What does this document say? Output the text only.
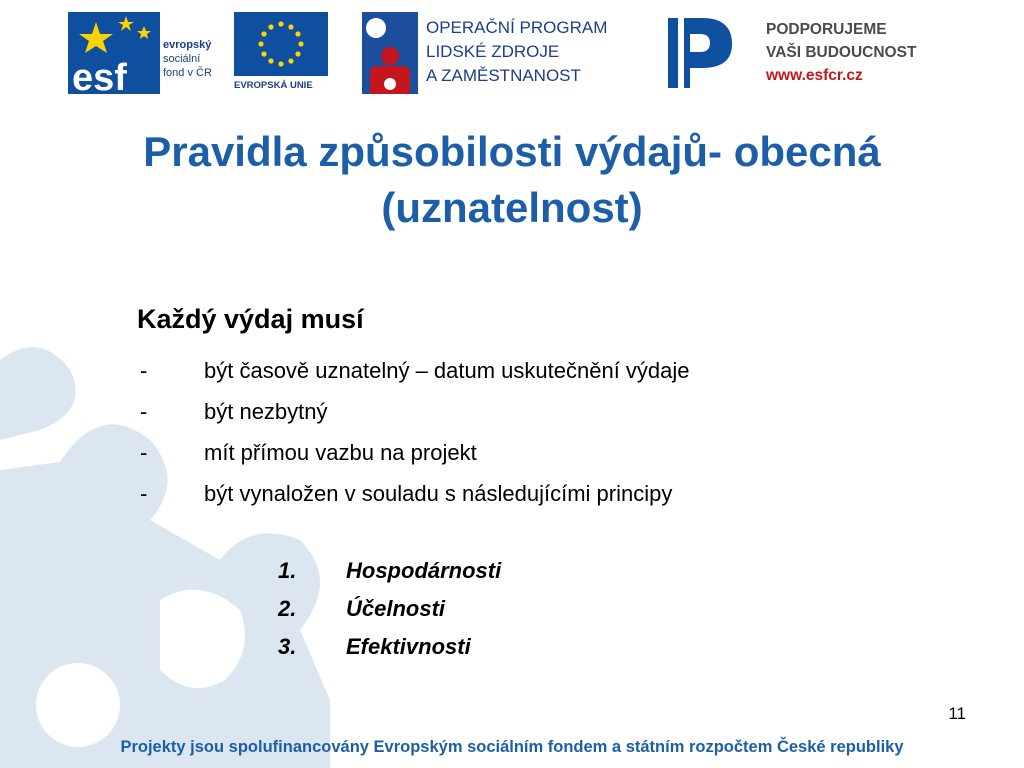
esf
evropský
sociální
fond v ČR
EVROPSKÁ UNIE
OPERAČNÍ PROGRAM
LIDSKÉ ZDROJE
A ZAMĚSTNANOST
PODPORUJEME
VAŠI BUDOUCNOST
www.esfcr.cz
Pravidla způsobilosti výdajů- obecná
(uznatelnost)
Každý výdaj musí
-	být časově uznatelný – datum uskutečnění výdaje
-	být nezbytný
-	mít přímou vazbu na projekt
-	být vynaložen v souladu s následujícími principy
1. Hospodárnosti
2. Účelnosti
3. Efektivnosti
11
Projekty jsou spolufinancovány Evropským sociálním fondem a státním rozpočtem České republiky
